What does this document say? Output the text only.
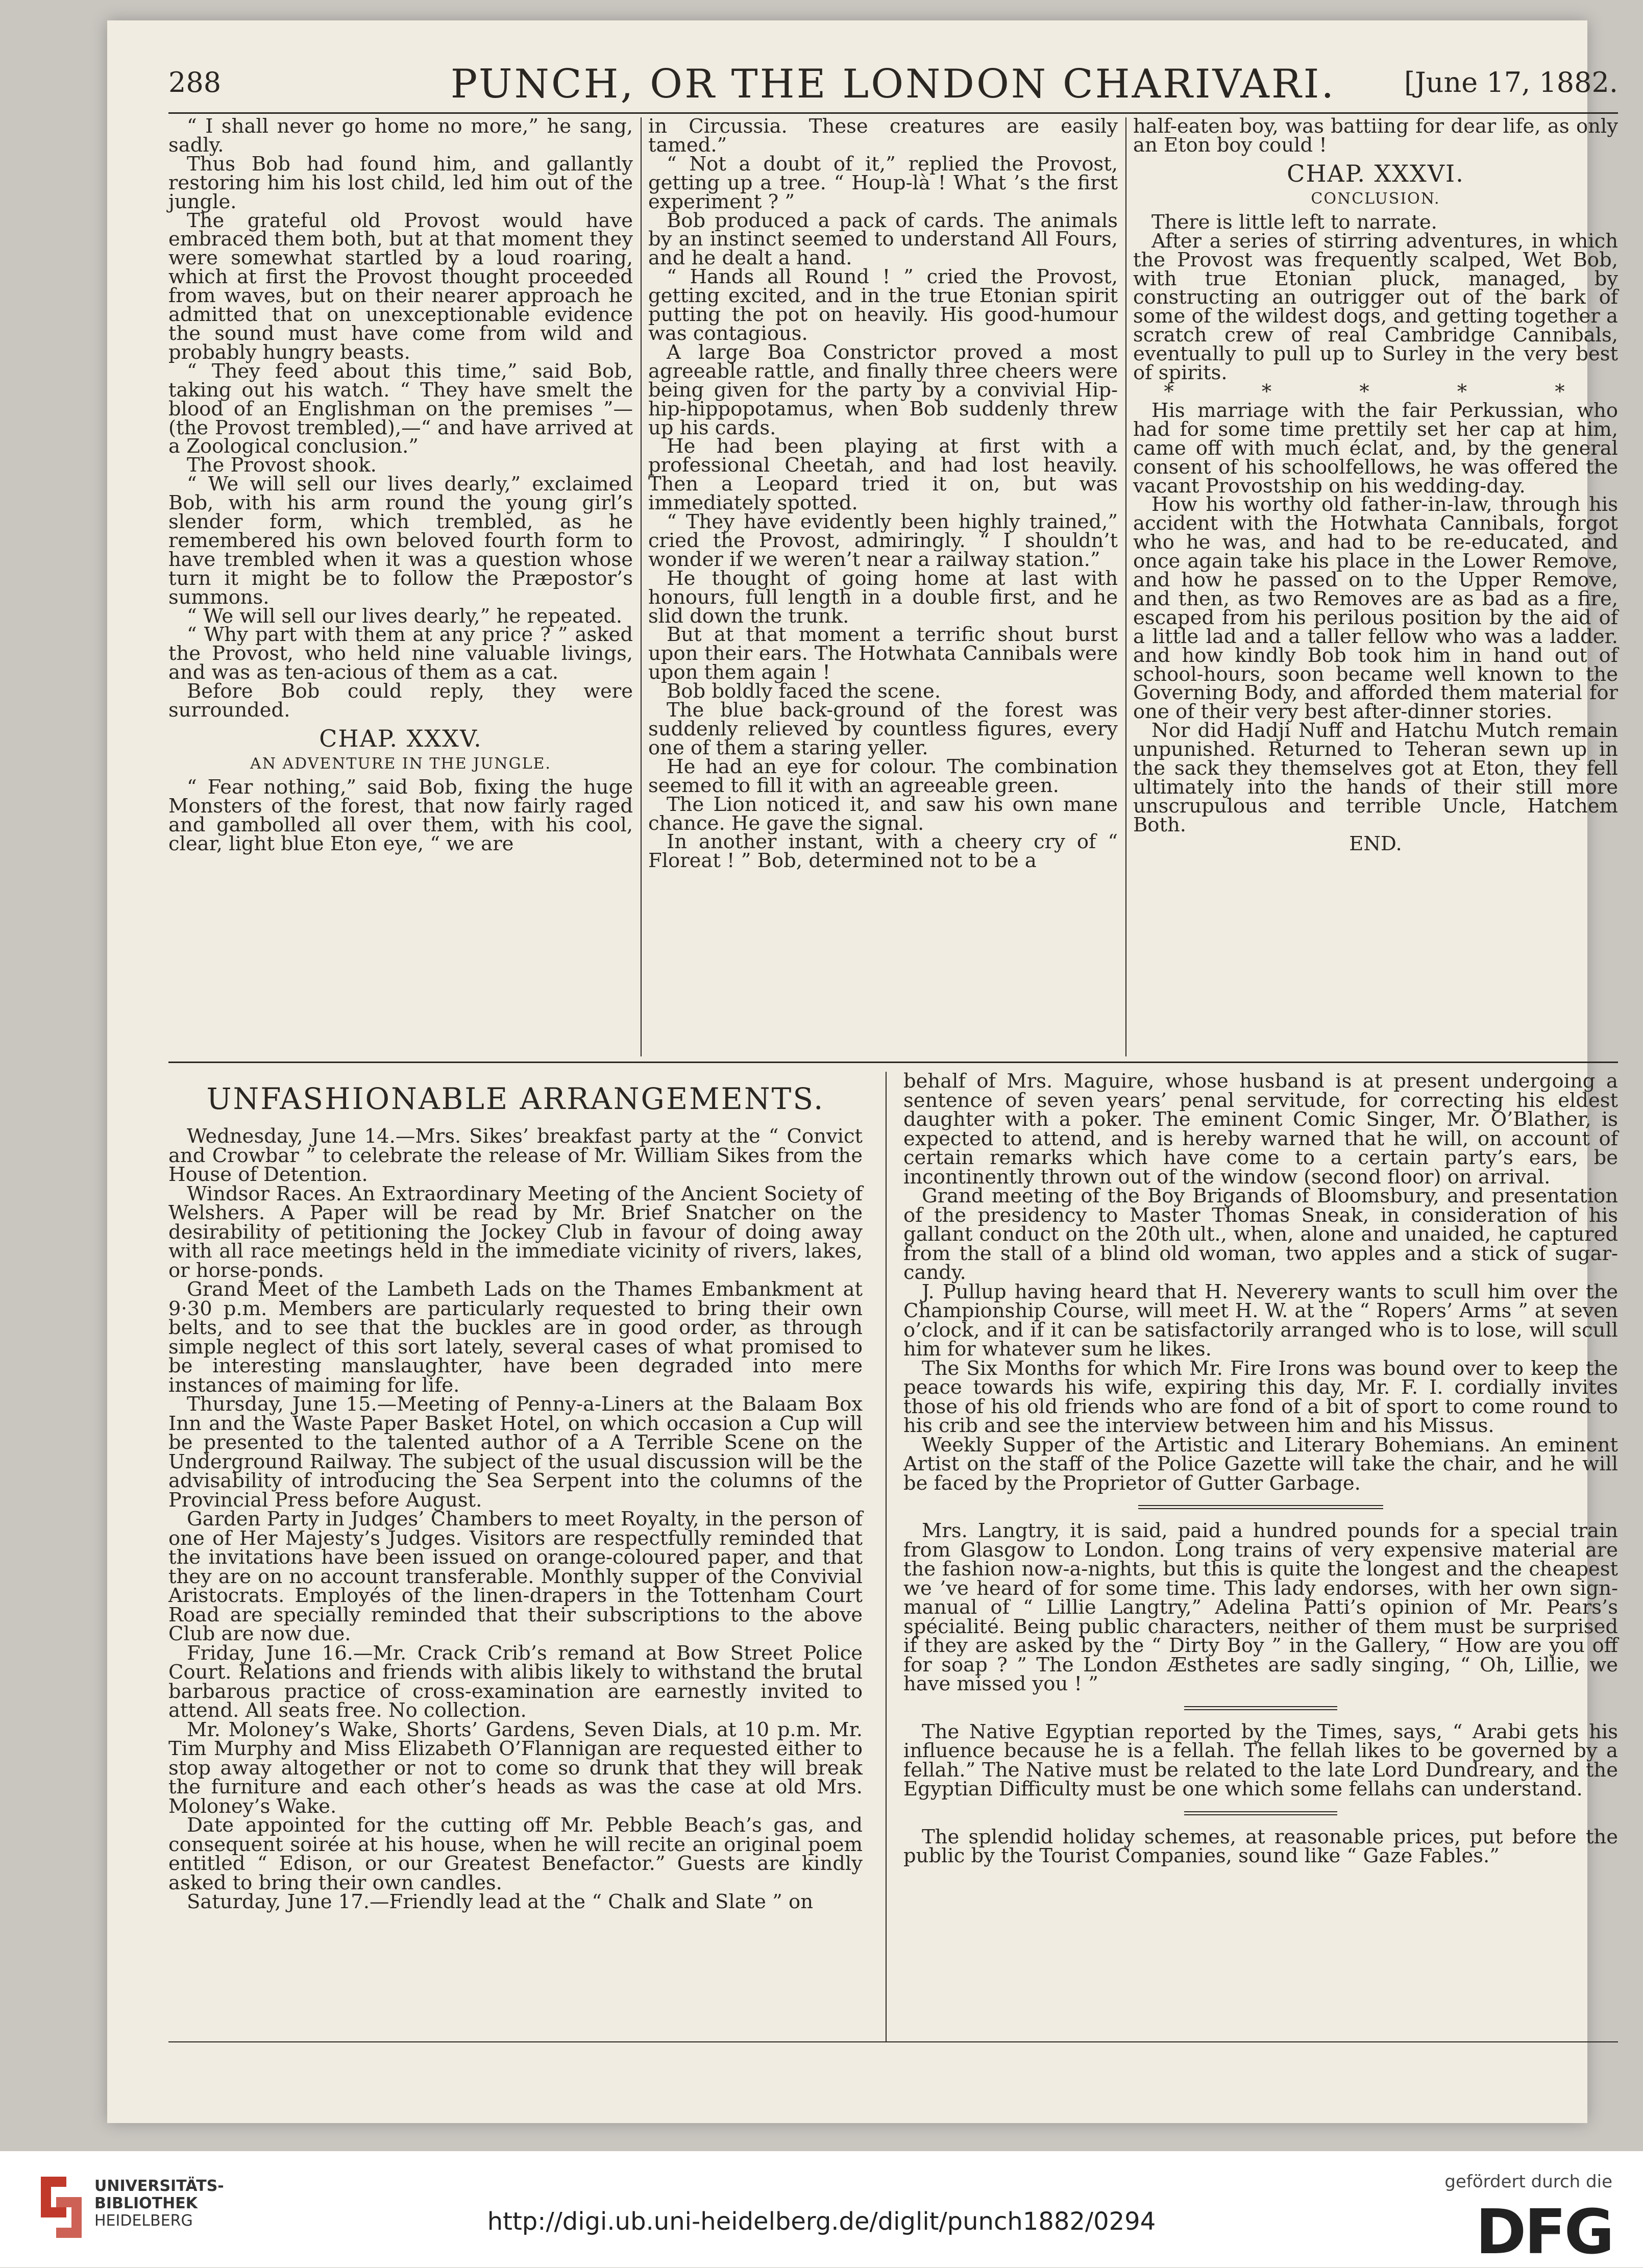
288	PUNCH, OR THE LONDON CHARIVARI.	[June 17, 1882.

“ I shall never go home no more,” he sang, sadly.

Thus Bob had found him, and gallantly restoring him his lost child, led him out of the jungle.

The grateful old Provost would have embraced them both, but at that moment they were somewhat startled by a loud roaring, which at first the Provost thought proceeded from waves, but on their nearer approach he admitted that on unexceptionable evidence the sound must have come from wild and probably hungry beasts.

“ They feed about this time,” said Bob, taking out his watch. “ They have smelt the blood of an Englishman on the premises ”—(the Provost trembled),—“ and have arrived at a Zoological conclusion.”

The Provost shook.

“ We will sell our lives dearly,” exclaimed Bob, with his arm round the young girl’s slender form, which trembled, as he remembered his own beloved fourth form to have trembled when it was a question whose turn it might be to follow the Præpostor’s summons.

“ We will sell our lives dearly,” he repeated.

“ Why part with them at any price ? ” asked the Provost, who held nine valuable livings, and was as ten-acious of them as a cat.

Before Bob could reply, they were surrounded.

CHAP. XXXV.
AN ADVENTURE IN THE JUNGLE.

“ Fear nothing,” said Bob, fixing the huge Monsters of the forest, that now fairly raged and gambolled all over them, with his cool, clear, light blue Eton eye, “ we are

in Circussia. These creatures are easily tamed.”

“ Not a doubt of it,” replied the Provost, getting up a tree. “ Houp-là ! What ’s the first experiment ? ”

Bob produced a pack of cards. The animals by an instinct seemed to understand All Fours, and he dealt a hand.

“ Hands all Round ! ” cried the Provost, getting excited, and in the true Etonian spirit putting the pot on heavily. His good-humour was contagious.

A large Boa Constrictor proved a most agreeable rattle, and finally three cheers were being given for the party by a convivial Hip-hip-hippopotamus, when Bob suddenly threw up his cards.

He had been playing at first with a professional Cheetah, and had lost heavily. Then a Leopard tried it on, but was immediately spotted.

“ They have evidently been highly trained,” cried the Provost, admiringly. “ I shouldn’t wonder if we weren’t near a railway station.”

He thought of going home at last with honours, full length in a double first, and he slid down the trunk.

But at that moment a terrific shout burst upon their ears. The Hotwhata Cannibals were upon them again !

Bob boldly faced the scene.

The blue back-ground of the forest was suddenly relieved by countless figures, every one of them a staring yeller.

He had an eye for colour. The combination seemed to fill it with an agreeable green.

The Lion noticed it, and saw his own mane chance. He gave the signal.

In another instant, with a cheery cry of “ Floreat ! ” Bob, determined not to be a

half-eaten boy, was battiing for dear life, as only an Eton boy could !

CHAP. XXXVI.
CONCLUSION.

There is little left to narrate.

After a series of stirring adventures, in which the Provost was frequently scalped, Wet Bob, with true Etonian pluck, managed, by constructing an outrigger out of the bark of some of the wildest dogs, and getting together a scratch crew of real Cambridge Cannibals, eventually to pull up to Surley in the very best of spirits.

* * * * *

His marriage with the fair Perkussian, who had for some time prettily set her cap at him, came off with much éclat, and, by the general consent of his schoolfellows, he was offered the vacant Provostship on his wedding-day.

How his worthy old father-in-law, through his accident with the Hotwhata Cannibals, forgot who he was, and had to be re-educated, and once again take his place in the Lower Remove, and how he passed on to the Upper Remove, and then, as two Removes are as bad as a fire, escaped from his perilous position by the aid of a little lad and a taller fellow who was a ladder. and how kindly Bob took him in hand out of school-hours, soon became well known to the Governing Body, and afforded them material for one of their very best after-dinner stories.

Nor did Hadji Nuff and Hatchu Mutch remain unpunished. Returned to Teheran sewn up in the sack they themselves got at Eton, they fell ultimately into the hands of their still more unscrupulous and terrible Uncle, Hatchem Both.

END.

UNFASHIONABLE ARRANGEMENTS.

Wednesday, June 14.—Mrs. Sikes’ breakfast party at the “ Convict and Crowbar ” to celebrate the release of Mr. William Sikes from the House of Detention.

Windsor Races. An Extraordinary Meeting of the Ancient Society of Welshers. A Paper will be read by Mr. Brief Snatcher on the desirability of petitioning the Jockey Club in favour of doing away with all race meetings held in the immediate vicinity of rivers, lakes, or horse-ponds.

Grand Meet of the Lambeth Lads on the Thames Embankment at 9·30 p.m. Members are particularly requested to bring their own belts, and to see that the buckles are in good order, as through simple neglect of this sort lately, several cases of what promised to be interesting manslaughter, have been degraded into mere instances of maiming for life.

Thursday, June 15.—Meeting of Penny-a-Liners at the Balaam Box Inn and the Waste Paper Basket Hotel, on which occasion a Cup will be presented to the talented author of a A Terrible Scene on the Underground Railway. The subject of the usual discussion will be the advisability of introducing the Sea Serpent into the columns of the Provincial Press before August.

Garden Party in Judges’ Chambers to meet Royalty, in the person of one of Her Majesty’s Judges. Visitors are respectfully reminded that the invitations have been issued on orange-coloured paper, and that they are on no account transferable. Monthly supper of the Convivial Aristocrats. Employés of the linen-drapers in the Tottenham Court Road are specially reminded that their subscriptions to the above Club are now due.

Friday, June 16.—Mr. Crack Crib’s remand at Bow Street Police Court. Relations and friends with alibis likely to withstand the brutal barbarous practice of cross-examination are earnestly invited to attend. All seats free. No collection.

Mr. Moloney’s Wake, Shorts’ Gardens, Seven Dials, at 10 p.m. Mr. Tim Murphy and Miss Elizabeth O’Flannigan are requested either to stop away altogether or not to come so drunk that they will break the furniture and each other’s heads as was the case at old Mrs. Moloney’s Wake.

Date appointed for the cutting off Mr. Pebble Beach’s gas, and consequent soirée at his house, when he will recite an original poem entitled “ Edison, or our Greatest Benefactor.” Guests are kindly asked to bring their own candles.

Saturday, June 17.—Friendly lead at the “ Chalk and Slate ” on

behalf of Mrs. Maguire, whose husband is at present undergoing a sentence of seven years’ penal servitude, for correcting his eldest daughter with a poker. The eminent Comic Singer, Mr. O’Blather, is expected to attend, and is hereby warned that he will, on account of certain remarks which have come to a certain party’s ears, be incontinently thrown out of the window (second floor) on arrival.

Grand meeting of the Boy Brigands of Bloomsbury, and presentation of the presidency to Master Thomas Sneak, in consideration of his gallant conduct on the 20th ult., when, alone and unaided, he captured from the stall of a blind old woman, two apples and a stick of sugar-candy.

J. Pullup having heard that H. Neverery wants to scull him over the Championship Course, will meet H. W. at the “ Ropers’ Arms ” at seven o’clock, and if it can be satisfactorily arranged who is to lose, will scull him for whatever sum he likes.

The Six Months for which Mr. Fire Irons was bound over to keep the peace towards his wife, expiring this day, Mr. F. I. cordially invites those of his old friends who are fond of a bit of sport to come round to his crib and see the interview between him and his Missus.

Weekly Supper of the Artistic and Literary Bohemians. An eminent Artist on the staff of the Police Gazette will take the chair, and he will be faced by the Proprietor of Gutter Garbage.

Mrs. Langtry, it is said, paid a hundred pounds for a special train from Glasgow to London. Long trains of very expensive material are the fashion now-a-nights, but this is quite the longest and the cheapest we ’ve heard of for some time. This lady endorses, with her own sign-manual of “ Lillie Langtry,” Adelina Patti’s opinion of Mr. Pears’s spécialité. Being public characters, neither of them must be surprised if they are asked by the “ Dirty Boy ” in the Gallery, “ How are you off for soap ? ” The London Æsthetes are sadly singing, “ Oh, Lillie, we have missed you ! ”

The Native Egyptian reported by the Times, says, “ Arabi gets his influence because he is a fellah. The fellah likes to be governed by a fellah.” The Native must be related to the late Lord Dundreary, and the Egyptian Difficulty must be one which some fellahs can understand.

The splendid holiday schemes, at reasonable prices, put before the public by the Tourist Companies, sound like “ Gaze Fables.”

UNIVERSITÄTS-
BIBLIOTHEK
HEIDELBERG	http://digi.ub.uni-heidelberg.de/diglit/punch1882/0294
gefördert durch die
DFG
